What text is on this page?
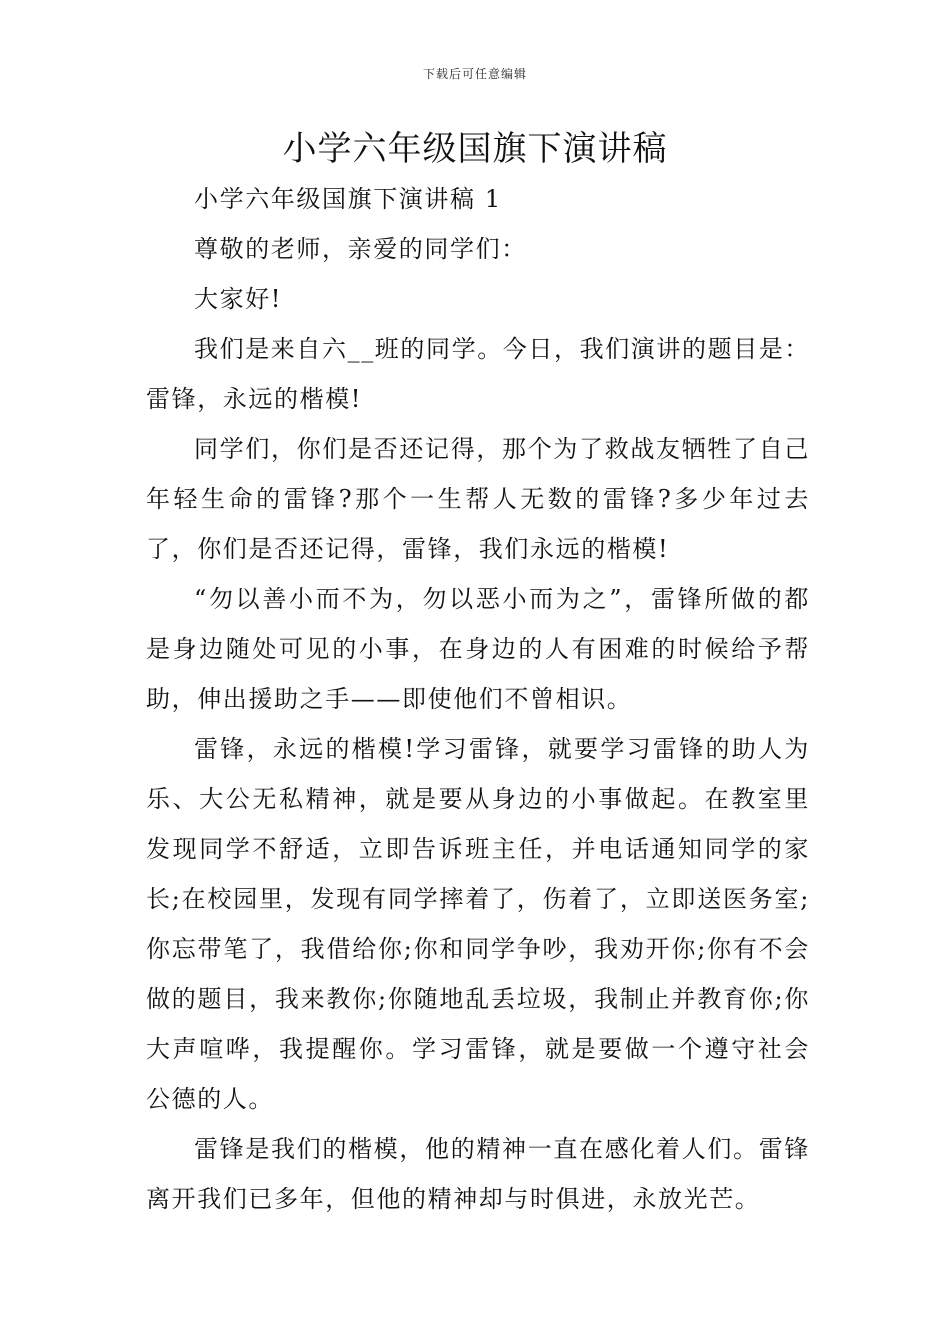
下载后可任意编辑
小学六年级国旗下演讲稿

小学六年级国旗下演讲稿 1

尊敬的老师，亲爱的同学们：

大家好!

我们是来自六__班的同学。今日，我们演讲的题目是：雷锋，永远的楷模!

同学们，你们是否还记得，那个为了救战友牺牲了自己年轻生命的雷锋?那个一生帮人无数的雷锋?多少年过去了，你们是否还记得，雷锋，我们永远的楷模!

“勿以善小而不为，勿以恶小而为之”，雷锋所做的都是身边随处可见的小事，在身边的人有困难的时候给予帮助，伸出援助之手——即使他们不曾相识。

雷锋，永远的楷模!学习雷锋，就要学习雷锋的助人为乐、大公无私精神，就是要从身边的小事做起。在教室里发现同学不舒适，立即告诉班主任，并电话通知同学的家长;在校园里，发现有同学摔着了，伤着了，立即送医务室;你忘带笔了，我借给你;你和同学争吵，我劝开你;你有不会做的题目，我来教你;你随地乱丢垃圾，我制止并教育你;你大声喧哗，我提醒你。学习雷锋，就是要做一个遵守社会公德的人。

雷锋是我们的楷模，他的精神一直在感化着人们。雷锋离开我们已多年，但他的精神却与时俱进，永放光芒。
